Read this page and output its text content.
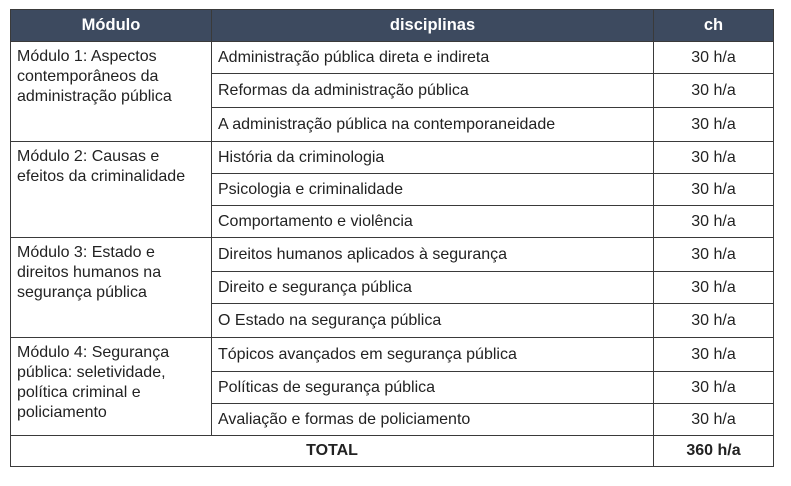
Módulo	disciplinas	ch
Módulo 1: Aspectos contemporâneos da administração pública	Administração pública direta e indireta	30 h/a
	Reformas da administração pública	30 h/a
	A administração pública na contemporaneidade	30 h/a
Módulo 2: Causas e efeitos da criminalidade	História da criminologia	30 h/a
	Psicologia e criminalidade	30 h/a
	Comportamento e violência	30 h/a
Módulo 3: Estado e direitos humanos na segurança pública	Direitos humanos aplicados à segurança	30 h/a
	Direito e segurança pública	30 h/a
	O Estado na segurança pública	30 h/a
Módulo 4: Segurança pública: seletividade, política criminal e policiamento	Tópicos avançados em segurança pública	30 h/a
	Políticas de segurança pública	30 h/a
	Avaliação e formas de policiamento	30 h/a
TOTAL		360 h/a
